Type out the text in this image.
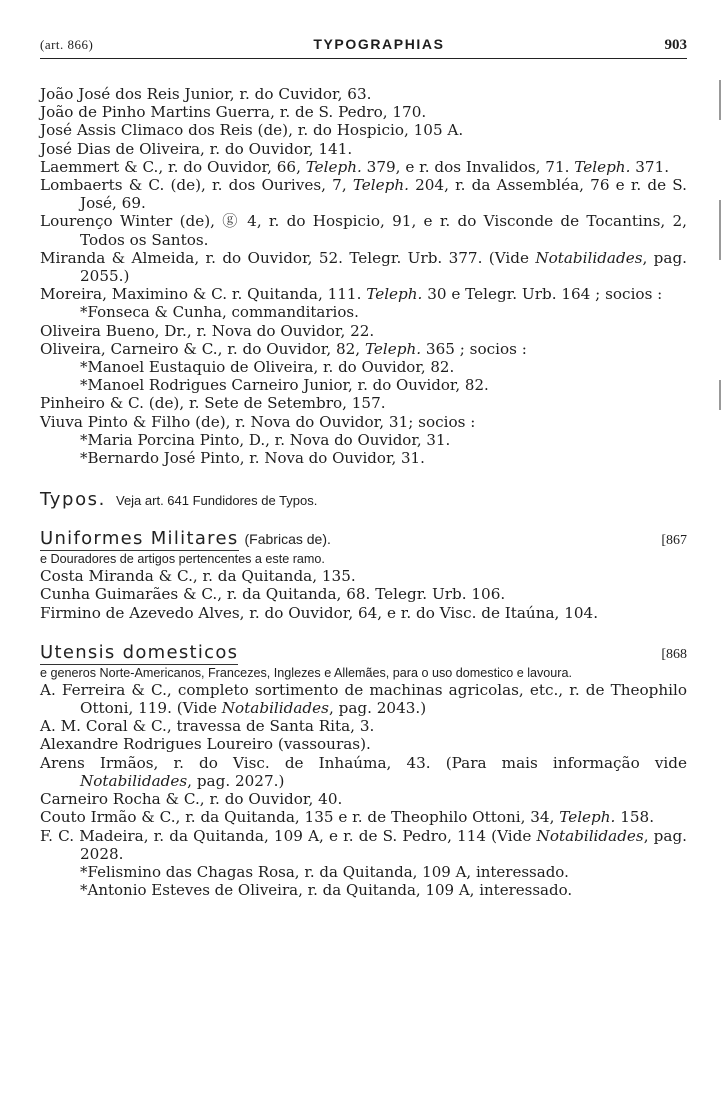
(art. 866)	TYPOGRAPHIAS	903
João José dos Reis Junior, r. do Cuvidor, 63.
João de Pinho Martins Guerra, r. de S. Pedro, 170.
José Assis Climaco dos Reis (de), r. do Hospicio, 105 A.
José Dias de Oliveira, r. do Ouvidor, 141.
Laemmert & C., r. do Ouvidor, 66, Teleph. 379, e r. dos Invalidos, 71. Teleph. 371.
Lombaerts & C. (de), r. dos Ourives, 7, Teleph. 204, r. da Assembléa, 76 e r. de S. José, 69.
Lourenço Winter (de), ⓖ 4, r. do Hospicio, 91, e r. do Visconde de Tocantins, 2, Todos os Santos.
Miranda & Almeida, r. do Ouvidor, 52. Telegr. Urb. 377. (Vide Notabilidades, pag. 2055.)
Moreira, Maximino & C. r. Quitanda, 111. Teleph. 30 e Telegr. Urb. 164 ; socios :
*Fonseca & Cunha, commanditarios.
Oliveira Bueno, Dr., r. Nova do Ouvidor, 22.
Oliveira, Carneiro & C., r. do Ouvidor, 82, Teleph. 365 ; socios :
*Manoel Eustaquio de Oliveira, r. do Ouvidor, 82.
*Manoel Rodrigues Carneiro Junior, r. do Ouvidor, 82.
Pinheiro & C. (de), r. Sete de Setembro, 157.
Viuva Pinto & Filho (de), r. Nova do Ouvidor, 31; socios :
*Maria Porcina Pinto, D., r. Nova do Ouvidor, 31.
*Bernardo José Pinto, r. Nova do Ouvidor, 31.
Typos. Veja art. 641 Fundidores de Typos.
Uniformes Militares (Fabricas de).	[867
e Douradores de artigos pertencentes a este ramo.
Costa Miranda & C., r. da Quitanda, 135.
Cunha Guimarães & C., r. da Quitanda, 68. Telegr. Urb. 106.
Firmino de Azevedo Alves, r. do Ouvidor, 64, e r. do Visc. de Itaúna, 104.
Utensis domesticos	[868
e generos Norte-Americanos, Francezes, Inglezes e Allemães, para o uso domestico e lavoura.
A. Ferreira & C., completo sortimento de machinas agricolas, etc., r. de Theophilo Ottoni, 119. (Vide Notabilidades, pag. 2043.)
A. M. Coral & C., travessa de Santa Rita, 3.
Alexandre Rodrigues Loureiro (vassouras).
Arens Irmãos, r. do Visc. de Inhaúma, 43. (Para mais informação vide Notabilidades, pag. 2027.)
Carneiro Rocha & C., r. do Ouvidor, 40.
Couto Irmão & C., r. da Quitanda, 135 e r. de Theophilo Ottoni, 34, Teleph. 158.
F. C. Madeira, r. da Quitanda, 109 A, e r. de S. Pedro, 114 (Vide Notabilidades, pag. 2028.
*Felismino das Chagas Rosa, r. da Quitanda, 109 A, interessado.
*Antonio Esteves de Oliveira, r. da Quitanda, 109 A, interessado.
